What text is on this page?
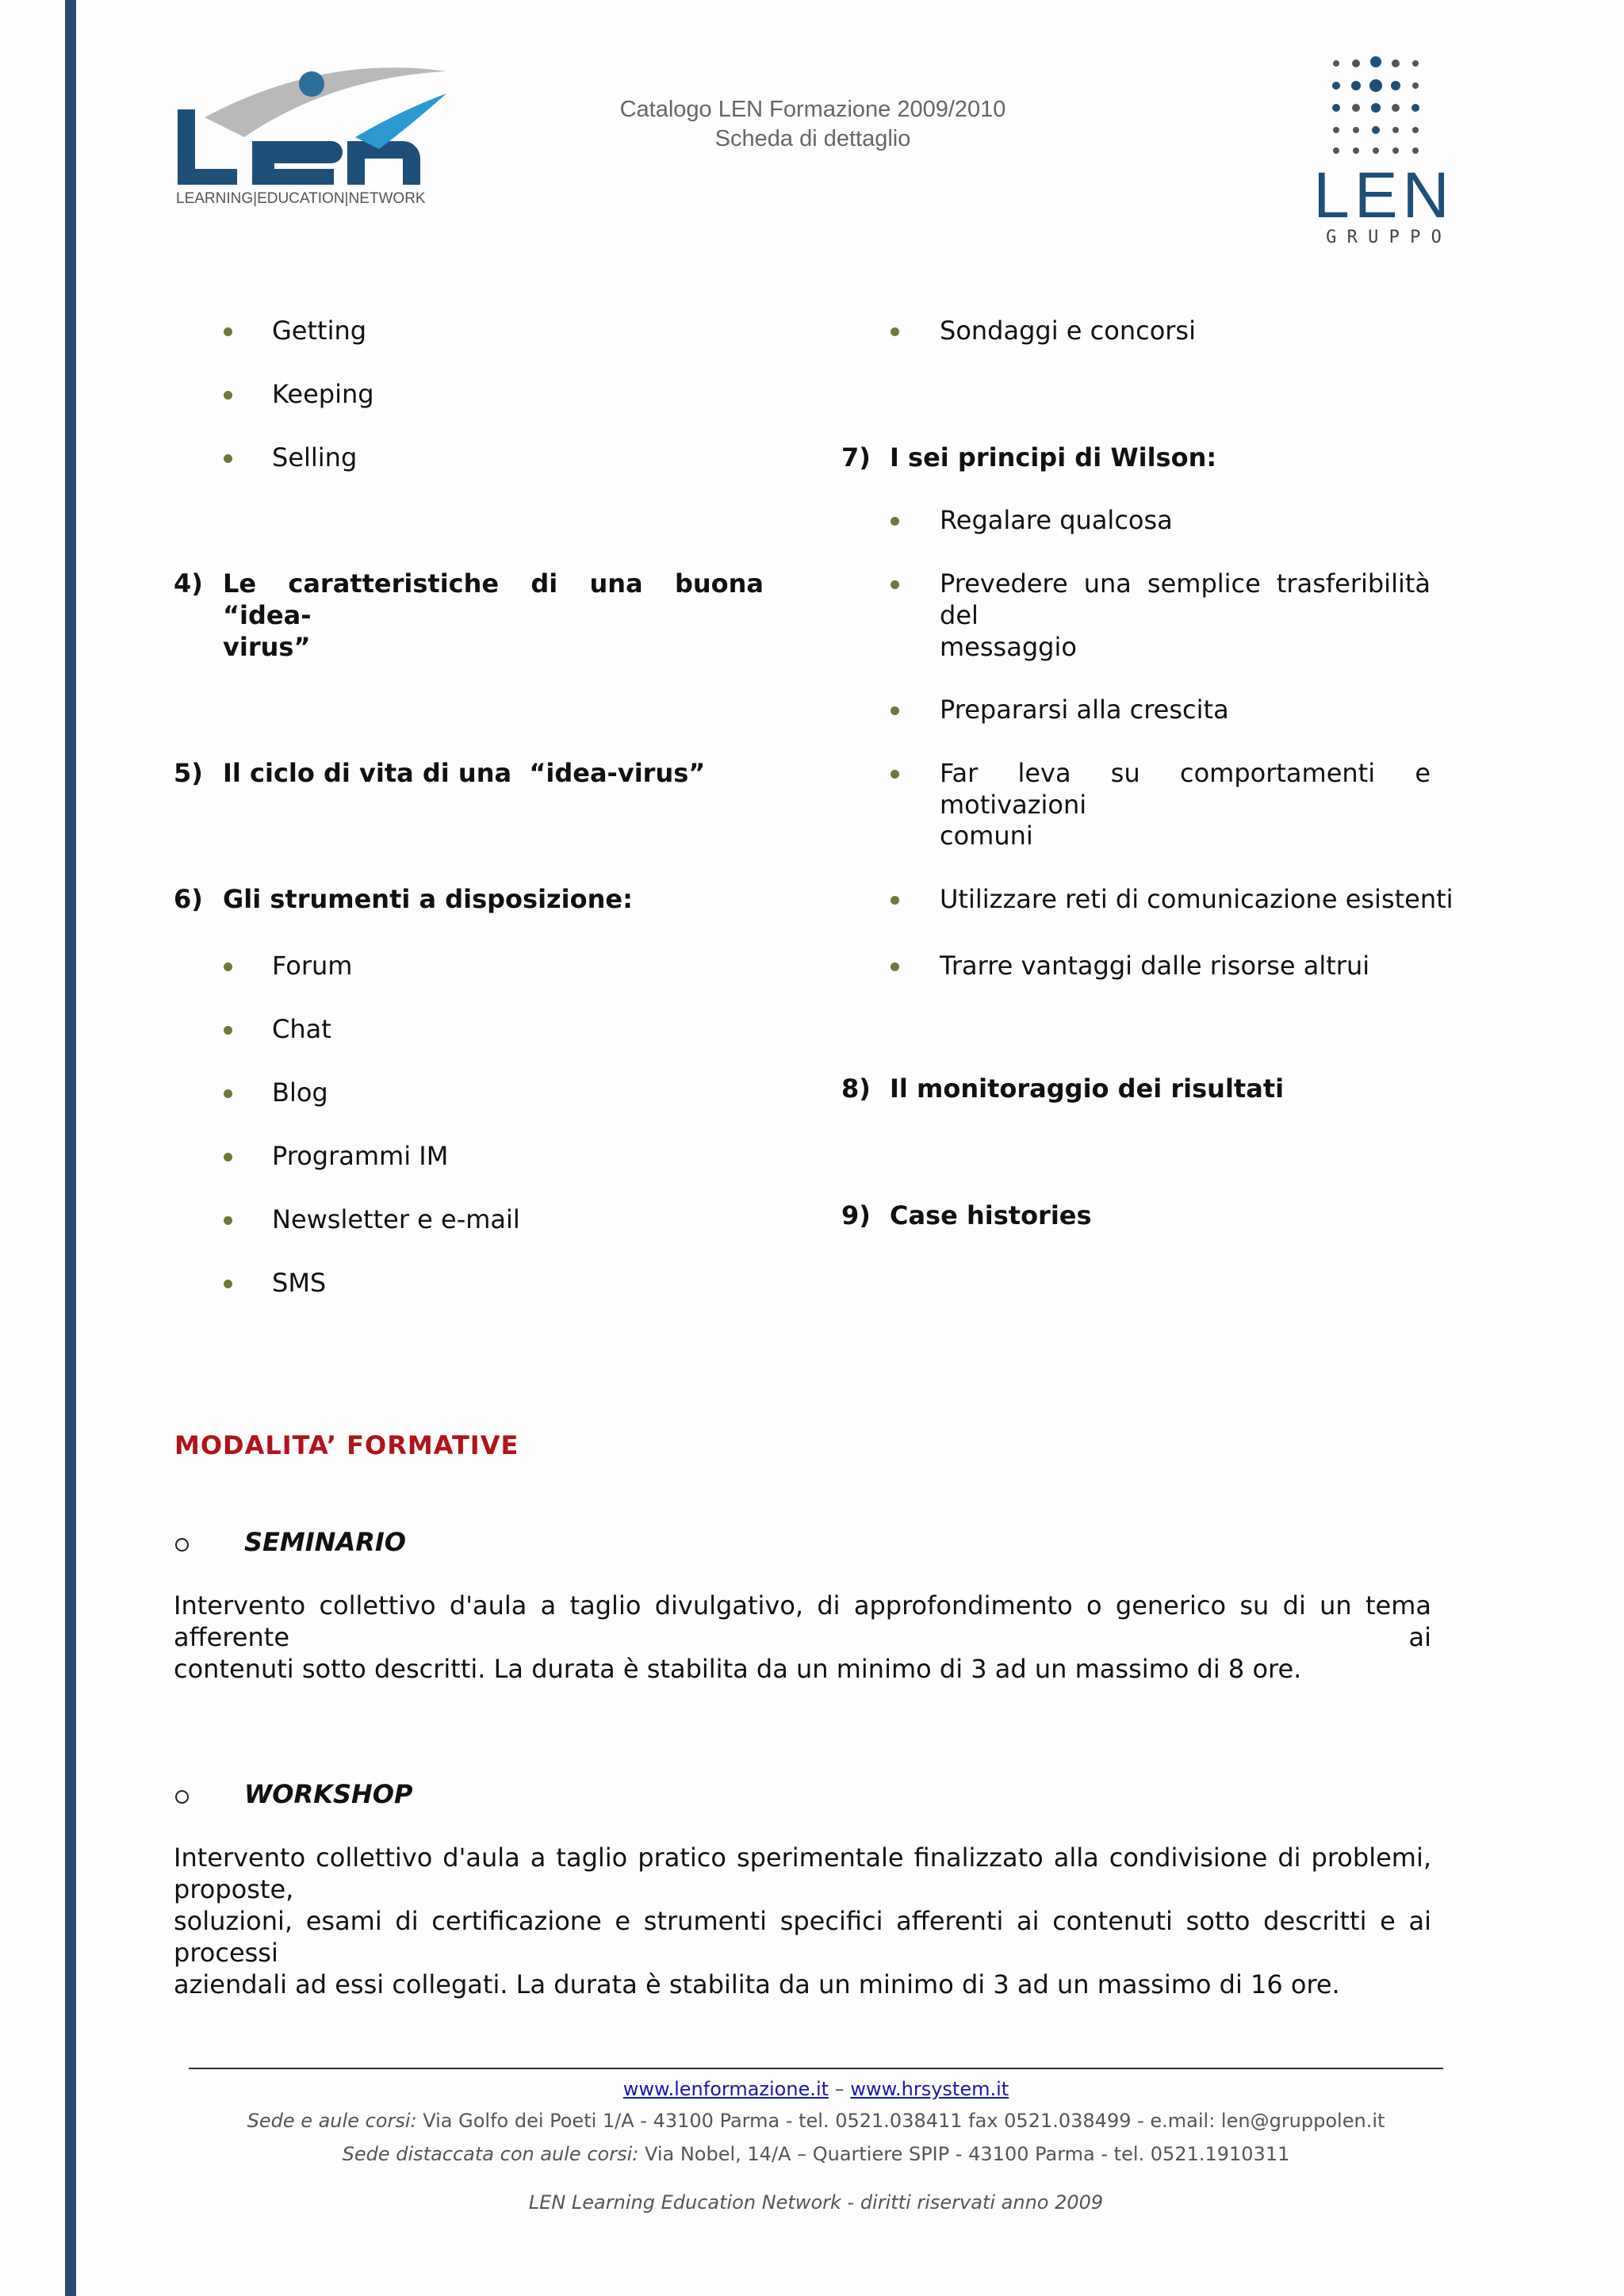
LEARNING|EDUCATION|NETWORK
Catalogo LEN Formazione 2009/2010
Scheda di dettaglio
LEN
G R U P P O
Getting
Keeping
Selling
4) Le caratteristiche di una buona “idea-
virus”
5) Il ciclo di vita di una  “idea-virus”
6) Gli strumenti a disposizione:
Forum
Chat
Blog
Programmi IM
Newsletter e e-mail
SMS
Sondaggi e concorsi
7) I sei principi di Wilson:
Regalare qualcosa
Prevedere una semplice trasferibilità del
messaggio
Prepararsi alla crescita
Far leva su comportamenti e motivazioni
comuni
Utilizzare reti di comunicazione esistenti
Trarre vantaggi dalle risorse altrui
8) Il monitoraggio dei risultati
9) Case histories
MODALITA’ FORMATIVE
SEMINARIO
Intervento collettivo d'aula a taglio divulgativo, di approfondimento o generico su di un tema afferente ai
contenuti sotto descritti. La durata è stabilita da un minimo di 3 ad un massimo di 8 ore.
WORKSHOP
Intervento collettivo d'aula a taglio pratico sperimentale finalizzato alla condivisione di problemi, proposte,
soluzioni, esami di certificazione e strumenti specifici afferenti ai contenuti sotto descritti e ai processi
aziendali ad essi collegati. La durata è stabilita da un minimo di 3 ad un massimo di 16 ore.
www.lenformazione.it – www.hrsystem.it
Sede e aule corsi: Via Golfo dei Poeti 1/A - 43100 Parma - tel. 0521.038411 fax 0521.038499 - e.mail: len@gruppolen.it
Sede distaccata con aule corsi: Via Nobel, 14/A – Quartiere SPIP - 43100 Parma - tel. 0521.1910311
LEN Learning Education Network - diritti riservati anno 2009
